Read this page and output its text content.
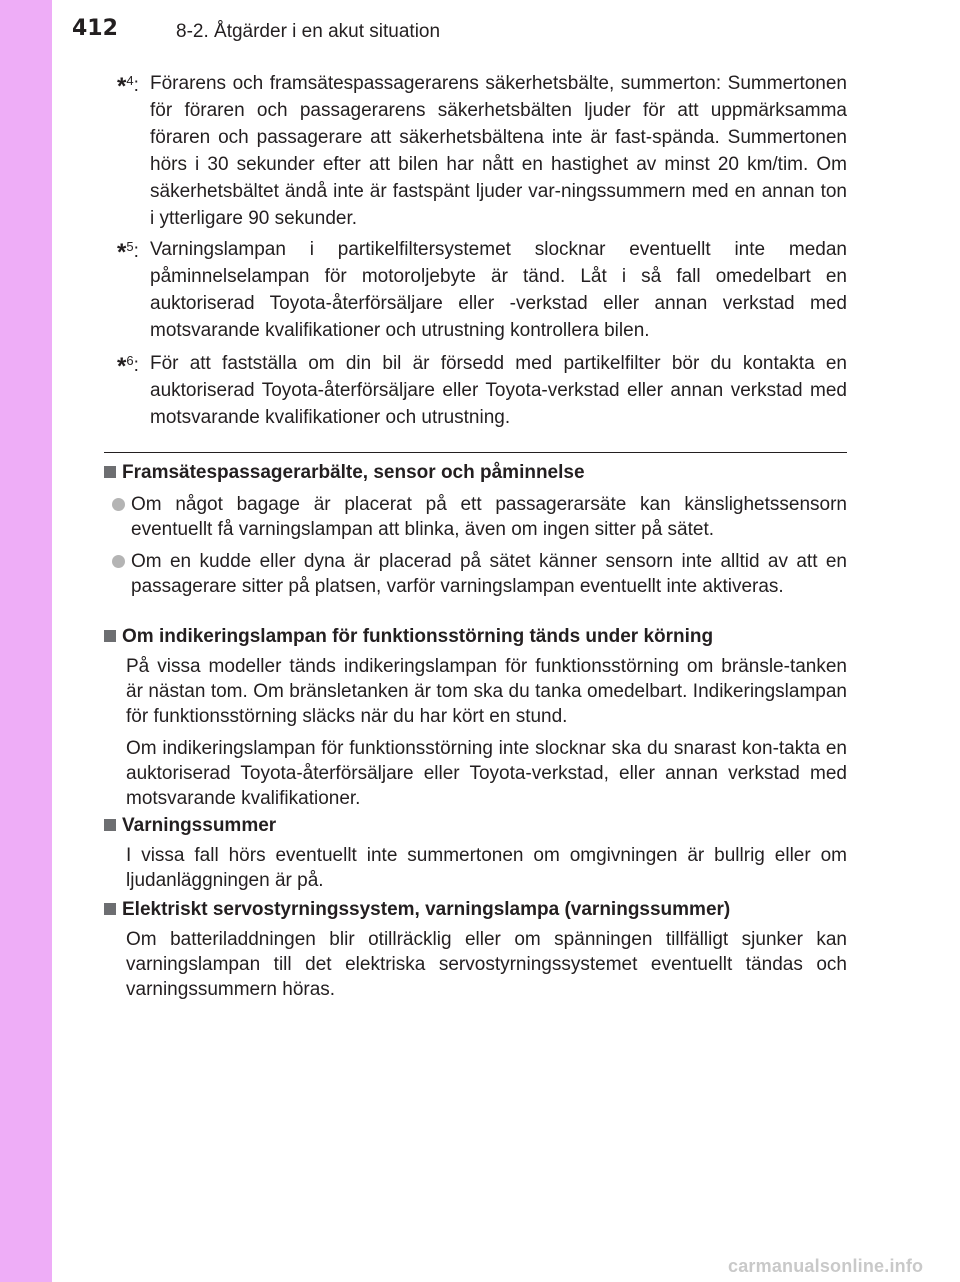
412	8-2. Åtgärder i en akut situation
*$^4$: Förarens och framsätespassagerarens säkerhetsbälte, summerton: Summertonen för föraren och passagerarens säkerhetsbälten ljuder för att uppmärksamma föraren och passagerare att säkerhetsbältena inte är fast-spända. Summertonen hörs i 30 sekunder efter att bilen har nått en hastighet av minst 20 km/tim. Om säkerhetsbältet ändå inte är fastspänt ljuder var-ningssummern med en annan ton i ytterligare 90 sekunder.
*$^5$: Varningslampan i partikelfiltersystemet slocknar eventuellt inte medan påminnelselampan för motoroljebyte är tänd. Låt i så fall omedelbart en auktoriserad Toyota-återförsäljare eller -verkstad eller annan verkstad med motsvarande kvalifikationer och utrustning kontrollera bilen.
*$^6$: För att fastställa om din bil är försedd med partikelfilter bör du kontakta en auktoriserad Toyota-återförsäljare eller Toyota-verkstad eller annan verkstad med motsvarande kvalifikationer och utrustning.
Framsätespassagerarbälte, sensor och påminnelse
Om något bagage är placerat på ett passagerarsäte kan känslighetssensorn eventuellt få varningslampan att blinka, även om ingen sitter på sätet.
Om en kudde eller dyna är placerad på sätet känner sensorn inte alltid av att en passagerare sitter på platsen, varför varningslampan eventuellt inte aktiveras.
Om indikeringslampan för funktionsstörning tänds under körning
På vissa modeller tänds indikeringslampan för funktionsstörning om bränsle-tanken är nästan tom. Om bränsletanken är tom ska du tanka omedelbart. Indikeringslampan för funktionsstörning släcks när du har kört en stund.
Om indikeringslampan för funktionsstörning inte slocknar ska du snarast kon-takta en auktoriserad Toyota-återförsäljare eller Toyota-verkstad, eller annan verkstad med motsvarande kvalifikationer.
Varningssummer
I vissa fall hörs eventuellt inte summertonen om omgivningen är bullrig eller om ljudanläggningen är på.
Elektriskt servostyrningssystem, varningslampa (varningssummer)
Om batteriladdningen blir otillräcklig eller om spänningen tillfälligt sjunker kan varningslampan till det elektriska servostyrningssystemet eventuellt tändas och varningssummern höras.
carmanualsonline.info
